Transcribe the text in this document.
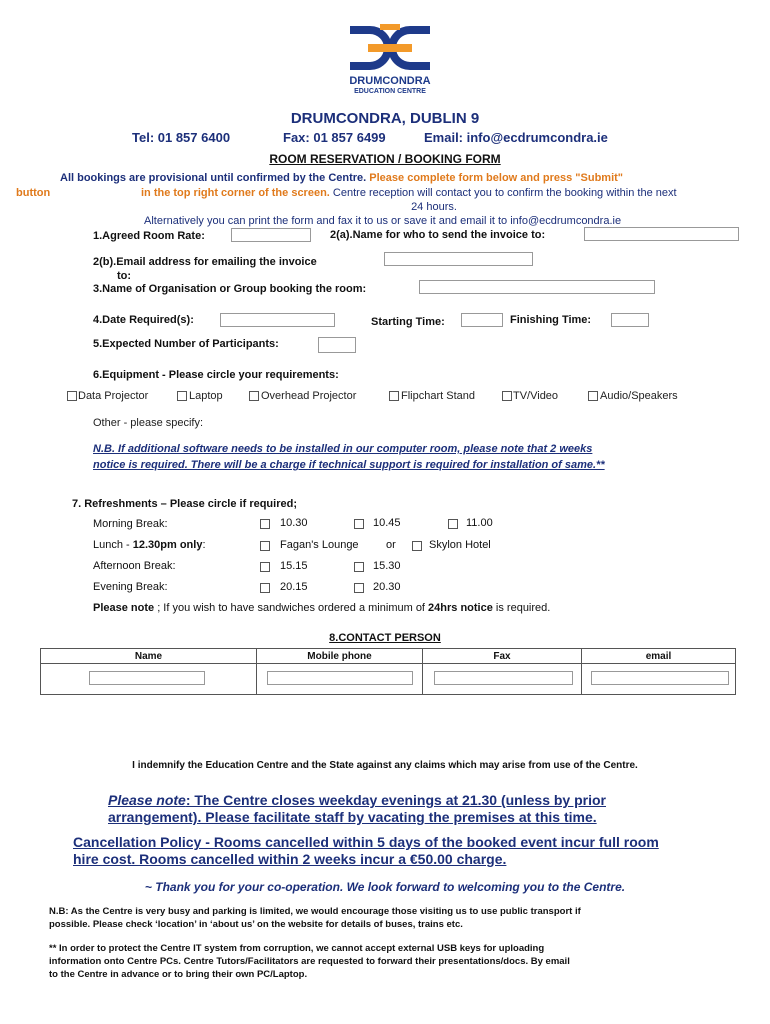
DRUMCONDRA
EDUCATION CENTRE
DRUMCONDRA, DUBLIN 9
Tel: 01 857 6400	Fax: 01 857 6499	Email: info@ecdrumcondra.ie
ROOM RESERVATION / BOOKING FORM
All bookings are provisional until confirmed by the Centre. Please complete form below and press "Submit"
button	in the top right corner of the screen. Centre reception will contact you to confirm the booking within the next
24 hours.
Alternatively you can print the form and fax it to us or save it and email it to info@ecdrumcondra.ie
1.Agreed Room Rate:	2(a).Name for who to send the invoice to:
2(b).Email address for emailing the invoice
to:
3.Name of Organisation or Group booking the room:
4.Date Required(s):	Starting Time:	Finishing Time:
5.Expected Number of Participants:
6.Equipment - Please circle your requirements:
Data Projector	Laptop	Overhead Projector	Flipchart Stand	TV/Video	Audio/Speakers
Other - please specify:
N.B. If additional software needs to be installed in our computer room, please note that 2 weeks
notice is required. There will be a charge if technical support is required for installation of same.**
7. Refreshments – Please circle if required;
Morning Break:	10.30	10.45	11.00
Lunch - 12.30pm only:	Fagan's Lounge or	Skylon Hotel
Afternoon Break:	15.15	15.30
Evening Break:	20.15	20.30
Please note ; If you wish to have sandwiches ordered a minimum of 24hrs notice is required.
8.CONTACT PERSON
Name	Mobile phone	Fax	email

I indemnify the Education Centre and the State against any claims which may arise from use of the Centre.
Please note: The Centre closes weekday evenings at 21.30 (unless by prior
arrangement). Please facilitate staff by vacating the premises at this time.
Cancellation Policy - Rooms cancelled within 5 days of the booked event incur full room
hire cost. Rooms cancelled within 2 weeks incur a €50.00 charge.
~ Thank you for your co-operation. We look forward to welcoming you to the Centre.
N.B: As the Centre is very busy and parking is limited, we would encourage those visiting us to use public transport if
possible. Please check ‘location’ in ‘about us’ on the website for details of buses, trains etc.
** In order to protect the Centre IT system from corruption, we cannot accept external USB keys for uploading
information onto Centre PCs. Centre Tutors/Facilitators are requested to forward their presentations/docs. By email
to the Centre in advance or to bring their own PC/Laptop.
